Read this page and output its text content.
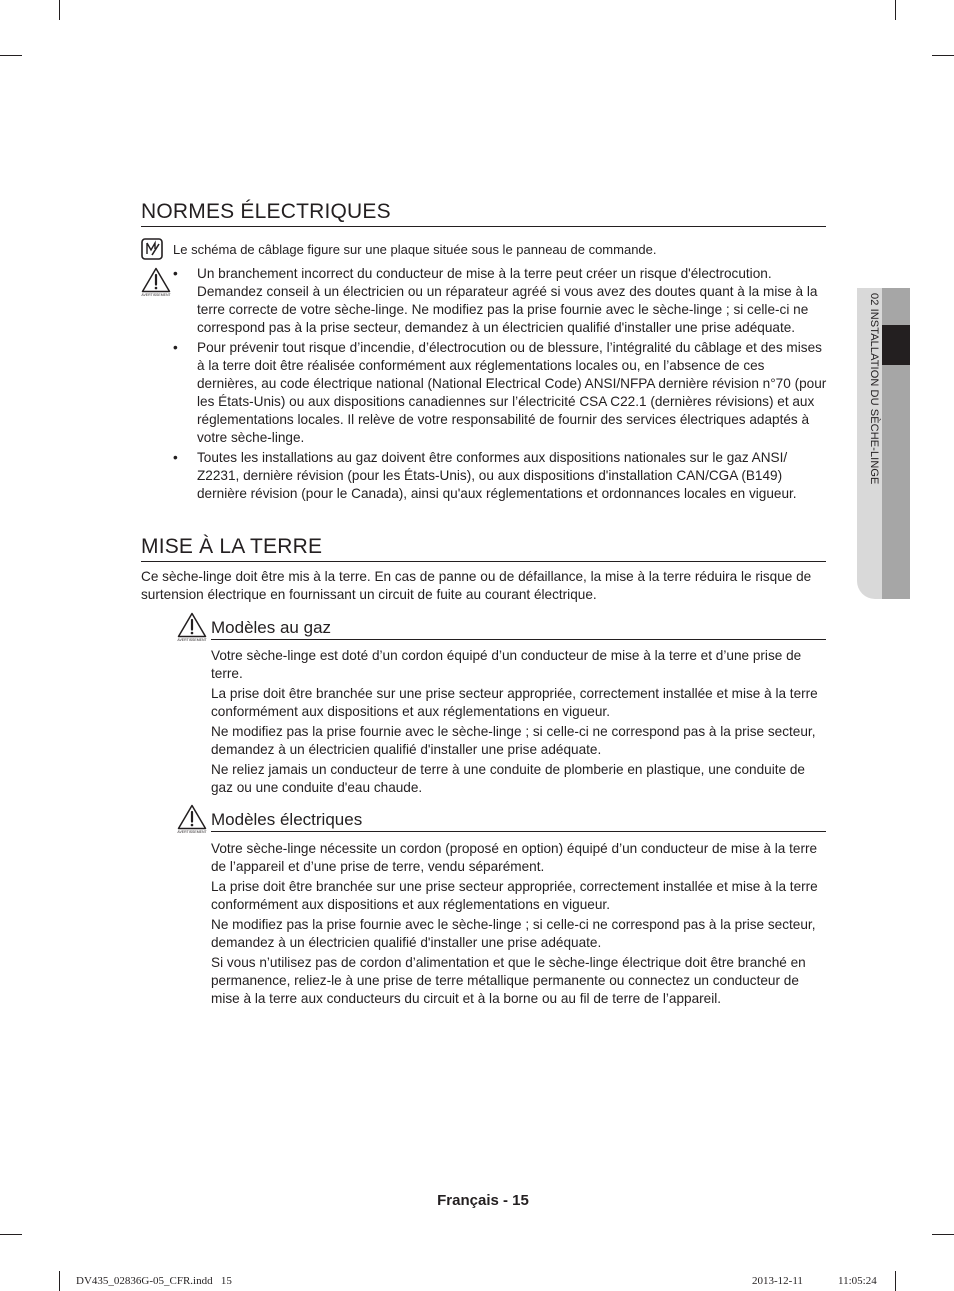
NORMES ÉLECTRIQUES
Le schéma de câblage figure sur une plaque située sous le panneau de commande.
AVERTISSEMENT
• Un branchement incorrect du conducteur de mise à la terre peut créer un risque d'électrocution. Demandez conseil à un électricien ou un réparateur agréé si vous avez des doutes quant à la mise à la terre correcte de votre sèche-linge. Ne modifiez pas la prise fournie avec le sèche-linge ; si celle-ci ne correspond pas à la prise secteur, demandez à un électricien qualifié d'installer une prise adéquate.
• Pour prévenir tout risque d’incendie, d’électrocution ou de blessure, l’intégralité du câblage et des mises à la terre doit être réalisée conformément aux réglementations locales ou, en l’absence de ces dernières, au code électrique national (National Electrical Code) ANSI/NFPA dernière révision n°70 (pour les États-Unis) ou aux dispositions canadiennes sur l’électricité CSA C22.1 (dernières révisions) et aux réglementations locales. Il relève de votre responsabilité de fournir des services électriques adaptés à votre sèche-linge.
• Toutes les installations au gaz doivent être conformes aux dispositions nationales sur le gaz ANSI/ Z2231, dernière révision (pour les États-Unis), ou aux dispositions d'installation CAN/CGA (B149) dernière révision (pour le Canada), ainsi qu'aux réglementations et ordonnances locales en vigueur.
MISE À LA TERRE
Ce sèche-linge doit être mis à la terre. En cas de panne ou de défaillance, la mise à la terre réduira le risque de surtension électrique en fournissant un circuit de fuite au courant électrique.
AVERTISSEMENT
Modèles au gaz
Votre sèche-linge est doté d’un cordon équipé d’un conducteur de mise à la terre et d’une prise de terre.
La prise doit être branchée sur une prise secteur appropriée, correctement installée et mise à la terre conformément aux dispositions et aux réglementations en vigueur.
Ne modifiez pas la prise fournie avec le sèche-linge ; si celle-ci ne correspond pas à la prise secteur, demandez à un électricien qualifié d'installer une prise adéquate.
Ne reliez jamais un conducteur de terre à une conduite de plomberie en plastique, une conduite de gaz ou une conduite d'eau chaude.
AVERTISSEMENT
Modèles électriques
Votre sèche-linge nécessite un cordon (proposé en option) équipé d’un conducteur de mise à la terre de l’appareil et d’une prise de terre, vendu séparément.
La prise doit être branchée sur une prise secteur appropriée, correctement installée et mise à la terre conformément aux dispositions et aux réglementations en vigueur.
Ne modifiez pas la prise fournie avec le sèche-linge ; si celle-ci ne correspond pas à la prise secteur, demandez à un électricien qualifié d'installer une prise adéquate.
Si vous n’utilisez pas de cordon d’alimentation et que le sèche-linge électrique doit être branché en permanence, reliez-le à une prise de terre métallique permanente ou connectez un conducteur de mise à la terre aux conducteurs du circuit et à la borne ou au fil de terre de l’appareil.
02 INSTALLATION DU SÈCHE-LINGE
Français - 15
DV435_02836G-05_CFR.indd   15	2013-12-11	11:05:24
